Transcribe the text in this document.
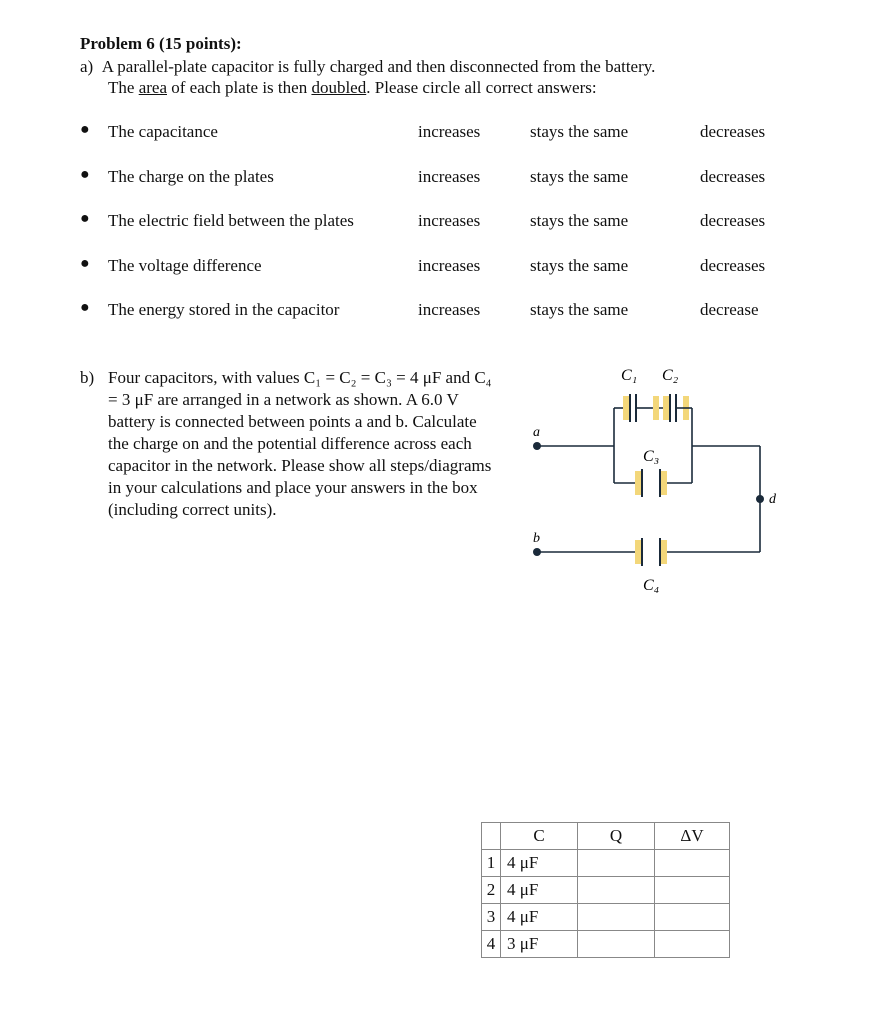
Problem 6 (15 points):
a) A parallel-plate capacitor is fully charged and then disconnected from the battery.
The area of each plate is then doubled. Please circle all correct answers:
● The capacitance	increases	stays the same	decreases
● The charge on the plates	increases	stays the same	decreases
● The electric field between the plates	increases	stays the same	decreases
● The voltage difference	increases	stays the same	decreases
● The energy stored in the capacitor	increases	stays the same	decrease
b) Four capacitors, with values C₁ = C₂ = C₃ = 4 μF and C₄ = 3 μF are arranged in a network as shown. A 6.0 V battery is connected between points a and b. Calculate the charge on and the potential difference across each capacitor in the network. Please show all steps/diagrams in your calculations and place your answers in the box (including correct units).
C₁ C₂
C₃
C₄
a
b
d
	C	Q	ΔV
1	4 μF		
2	4 μF		
3	4 μF		
4	3 μF		
